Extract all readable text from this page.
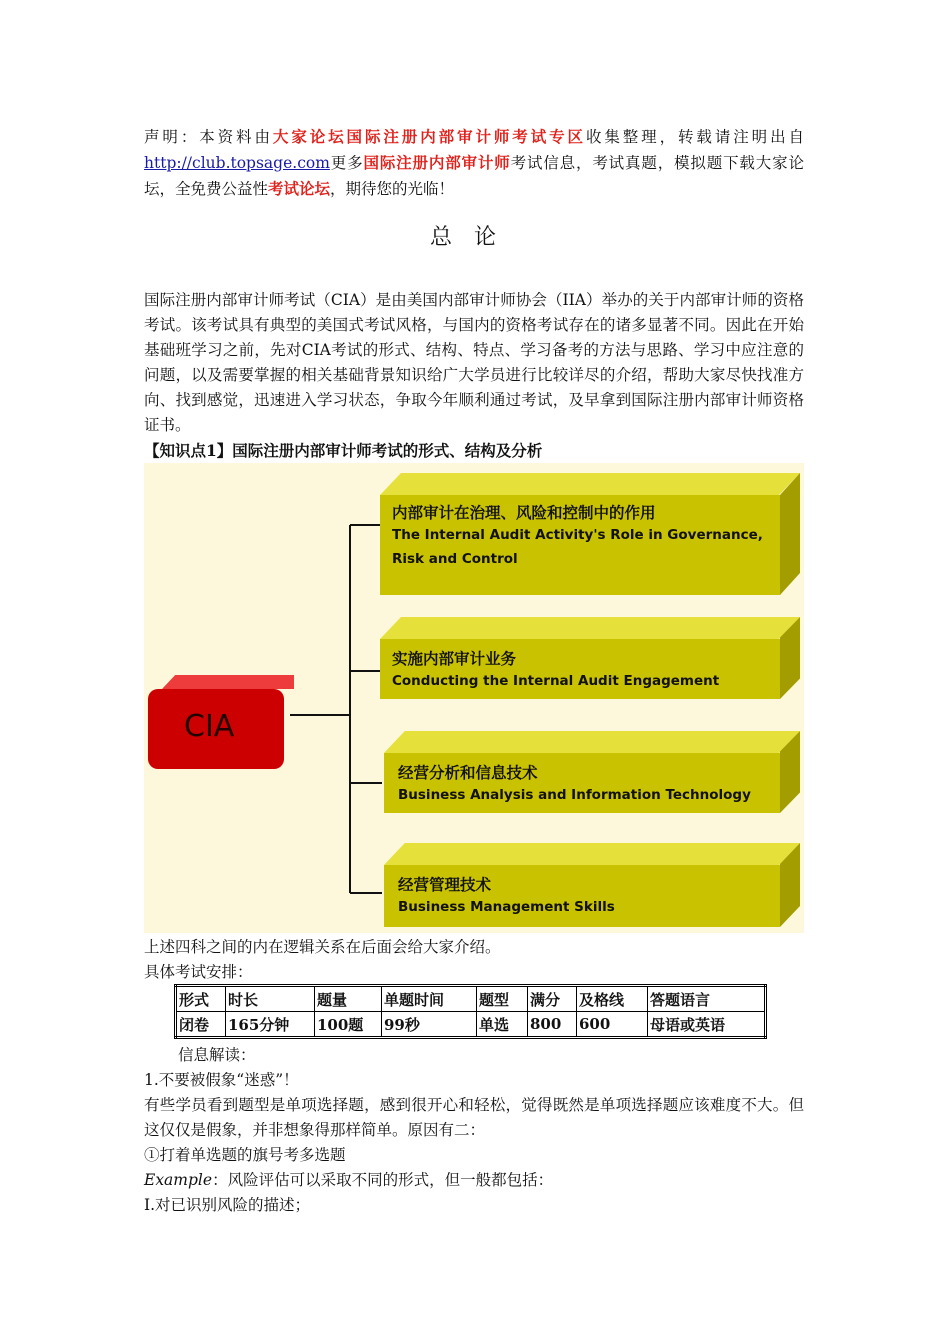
声明：本资料由大家论坛国际注册内部审计师考试专区收集整理，转载请注明出自http://club.topsage.com更多国际注册内部审计师考试信息，考试真题，模拟题下载大家论坛，全免费公益性考试论坛，期待您的光临！

总论

国际注册内部审计师考试（CIA）是由美国内部审计师协会（IIA）举办的关于内部审计师的资格考试。该考试具有典型的美国式考试风格，与国内的资格考试存在的诸多显著不同。因此在开始基础班学习之前，先对CIA考试的形式、结构、特点、学习备考的方法与思路、学习中应注意的问题，以及需要掌握的相关基础背景知识给广大学员进行比较详尽的介绍，帮助大家尽快找准方向、找到感觉，迅速进入学习状态，争取今年顺利通过考试，及早拿到国际注册内部审计师资格证书。

【知识点1】国际注册内部审计师考试的形式、结构及分析

CIA
内部审计在治理、风险和控制中的作用
The Internal Audit Activity's Role in Governance, Risk and Control
实施内部审计业务
Conducting the Internal Audit Engagement
经营分析和信息技术
Business Analysis and Information Technology
经营管理技术
Business Management Skills

上述四科之间的内在逻辑关系在后面会给大家介绍。

具体考试安排：

形式	时长	题量	单题时间	题型	满分	及格线	答题语言
闭卷	165分钟	100题	99秒	单选	800	600	母语或英语

信息解读：

1.不要被假象“迷惑”！

有些学员看到题型是单项选择题，感到很开心和轻松，觉得既然是单项选择题应该难度不大。但这仅仅是假象，并非想象得那样简单。原因有二：

①打着单选题的旗号考多选题

Example：风险评估可以采取不同的形式，但一般都包括：

I.对已识别风险的描述；
